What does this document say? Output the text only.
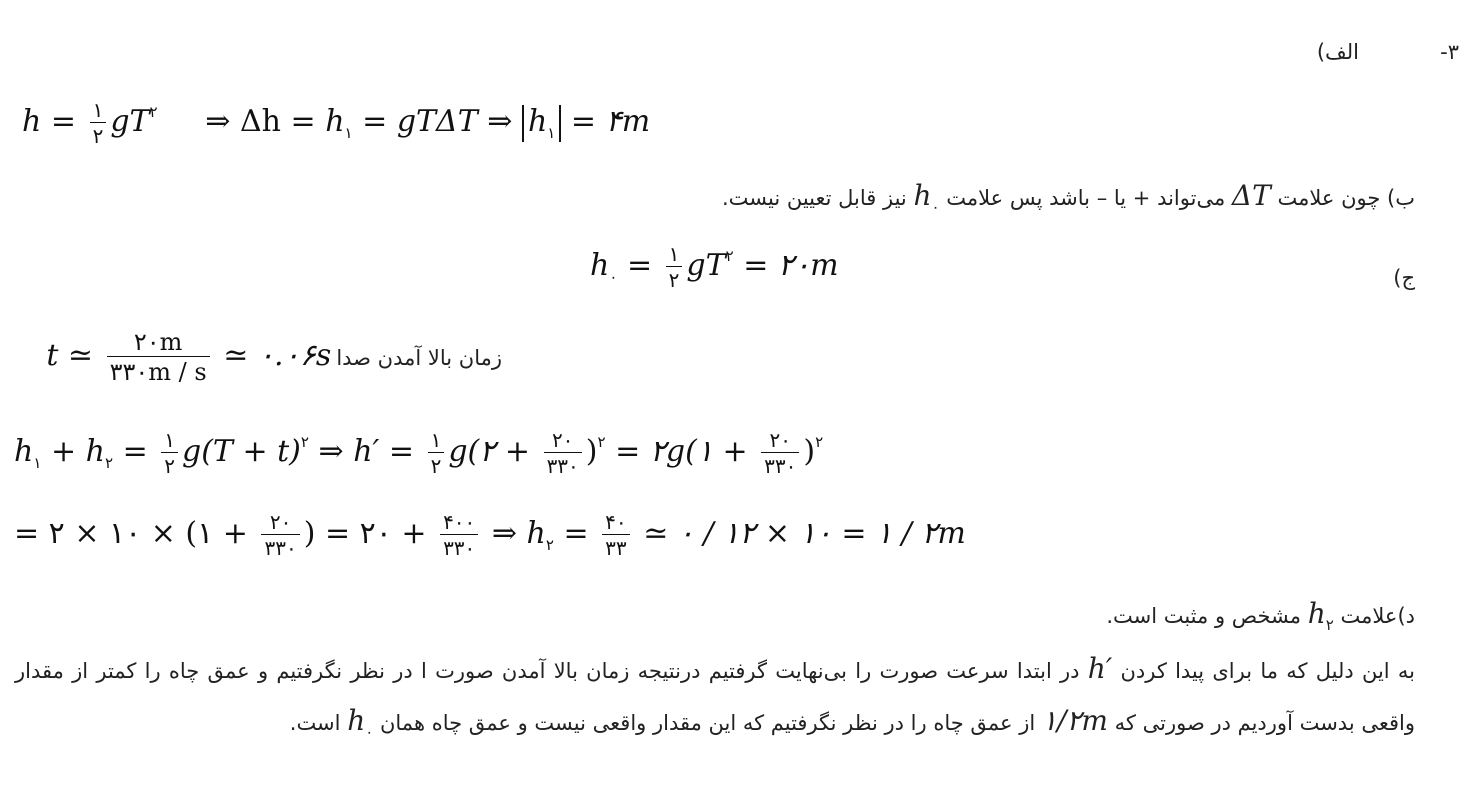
۳-
الف)
$h = \frac{۱}{۲} gT^۲$ ⇒ $\Delta h = h_۱ = gT\Delta T$ ⇒ $h_۱$ = ۴m
ب) چون علامت ΔT می‌تواند + یا – باشد پس علامت $h_۰$ نیز قابل تعیین نیست.
ج)
$h_۰ = \frac{۱}{۲} gT^۲$ = ۲۰m
زمان بالا آمدن صدا t ≃ $\frac{۲۰m}{۳۳۰m / s}$ ≃ ۰.۰۶s
$h_۱ + h_۲ = \frac{۱}{۲} g(T + t)^۲$ ⇒ $h' = \frac{۱}{۲}$ g(۲ + $\frac{۲۰}{۳۳۰} )^۲$ = ۲g(۱ + $\frac{۲۰}{۳۳۰} )^۲$
= ۲ × ۱۰ × (۱ + $\frac{۲۰}{۳۳۰}$ ) = ۲۰ + $\frac{۴۰۰}{۳۳۰}$ ⇒ $h_۲ = \frac{۴۰}{۳۳}$ ≃ ۰ / ۱۲ × ۱۰ = ۱ / ۲m
د)علامت $h_۲$ مشخص و مثبت است.
به این دلیل که ما برای پیدا کردن h′ در ابتدا سرعت صورت را بی‌نهایت گرفتیم درنتیجه زمان بالا آمدن صورت ا در نظر نگرفتیم و عمق چاه را کمتر از مقدار واقعی بدست آوردیم در صورتی که ۱/۲m از عمق چاه را در نظر نگرفتیم که این مقدار واقعی نیست و عمق چاه همان $h_۰$ است.
